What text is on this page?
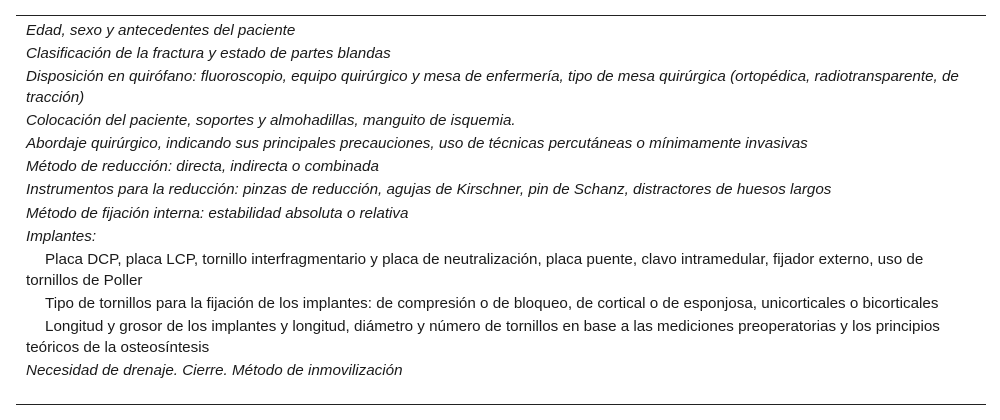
Edad, sexo y antecedentes del paciente
Clasificación de la fractura y estado de partes blandas
Disposición en quirófano: fluoroscopio, equipo quirúrgico y mesa de enfermería, tipo de mesa quirúrgica (ortopédica, radiotransparente, de tracción)
Colocación del paciente, soportes y almohadillas, manguito de isquemia.
Abordaje quirúrgico, indicando sus principales precauciones, uso de técnicas percutáneas o mínimamente invasivas
Método de reducción: directa, indirecta o combinada
Instrumentos para la reducción: pinzas de reducción, agujas de Kirschner, pin de Schanz, distractores de huesos largos
Método de fijación interna: estabilidad absoluta o relativa
Implantes:
Placa DCP, placa LCP, tornillo interfragmentario y placa de neutralización, placa puente, clavo intramedular, fijador externo, uso de tornillos de Poller
Tipo de tornillos para la fijación de los implantes: de compresión o de bloqueo, de cortical o de esponjosa, unicorticales o bicorticales
Longitud y grosor de los implantes y longitud, diámetro y número de tornillos en base a las mediciones preoperatorias y los principios teóricos de la osteosíntesis
Necesidad de drenaje. Cierre. Método de inmovilización
